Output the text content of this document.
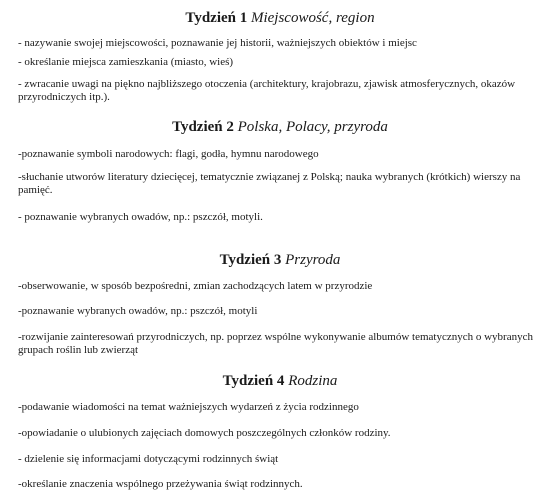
Tydzień 1 Miejscowość, region

- nazywanie swojej miejscowości, poznawanie jej historii, ważniejszych obiektów i miejsc

- określanie miejsca zamieszkania (miasto, wieś)

- zwracanie uwagi na piękno najbliższego otoczenia (architektury, krajobrazu, zjawisk atmosferycznych, okazów przyrodniczych itp.).

Tydzień 2 Polska, Polacy, przyroda

-poznawanie symboli narodowych: flagi, godła, hymnu narodowego

-słuchanie utworów literatury dziecięcej, tematycznie związanej z Polską; nauka wybranych (krótkich) wierszy na pamięć.

- poznawanie wybranych owadów, np.: pszczół, motyli.

Tydzień 3 Przyroda

-obserwowanie, w sposób bezpośredni, zmian zachodzących latem w przyrodzie

-poznawanie wybranych owadów, np.: pszczół, motyli

-rozwijanie zainteresowań przyrodniczych, np. poprzez wspólne wykonywanie albumów tematycznych o wybranych grupach roślin lub zwierząt

Tydzień 4 Rodzina

-podawanie wiadomości na temat ważniejszych wydarzeń z życia rodzinnego

-opowiadanie o ulubionych zajęciach domowych poszczególnych członków rodziny.

- dzielenie się informacjami dotyczącymi rodzinnych świąt

-określanie znaczenia wspólnego przeżywania świąt rodzinnych.
